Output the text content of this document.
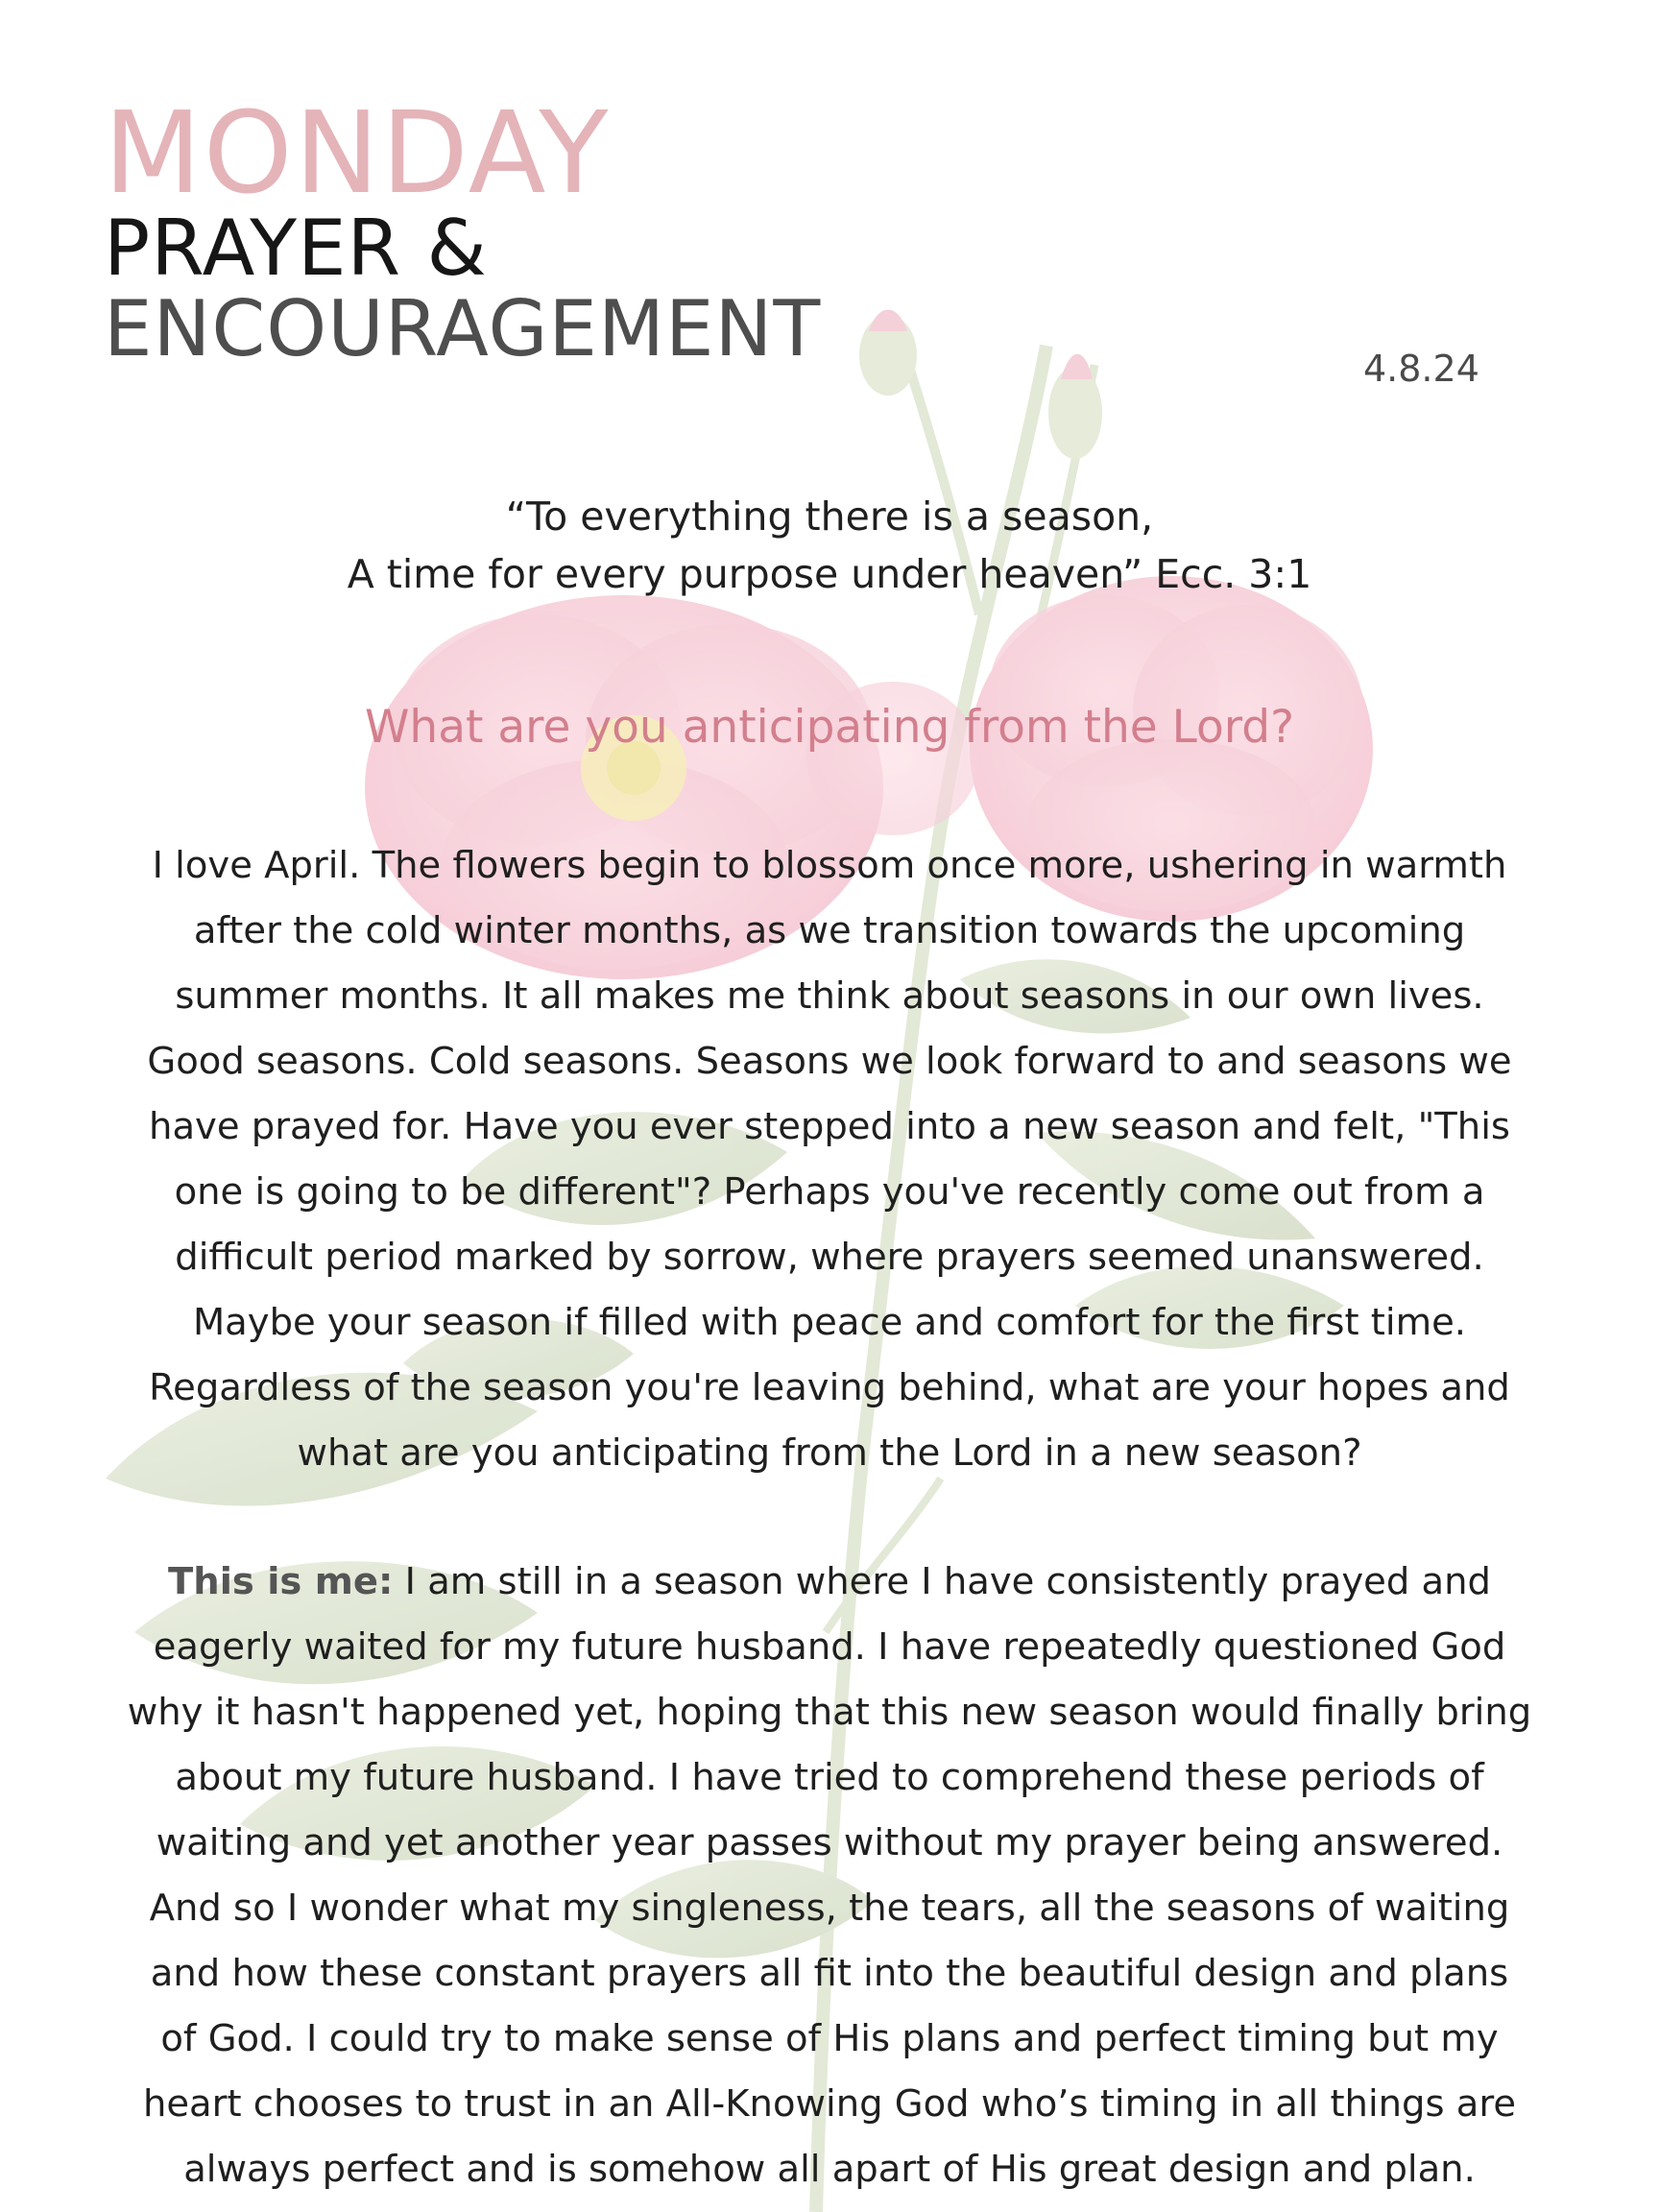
MONDAY
PRAYER &
ENCOURAGEMENT	4.8.24
“To everything there is a season,
A time for every purpose under heaven” Ecc. 3:1
What are you anticipating from the Lord?
I love April. The flowers begin to blossom once more, ushering in warmth
after the cold winter months, as we transition towards the upcoming
summer months. It all makes me think about seasons in our own lives.
Good seasons. Cold seasons. Seasons we look forward to and seasons we
have prayed for. Have you ever stepped into a new season and felt, "This
one is going to be different"? Perhaps you've recently come out from a
difficult period marked by sorrow, where prayers seemed unanswered.
Maybe your season if filled with peace and comfort for the first time.
Regardless of the season you're leaving behind, what are your hopes and
what are you anticipating from the Lord in a new season?
This is me: I am still in a season where I have consistently prayed and
eagerly waited for my future husband. I have repeatedly questioned God
why it hasn't happened yet, hoping that this new season would finally bring
about my future husband. I have tried to comprehend these periods of
waiting and yet another year passes without my prayer being answered.
And so I wonder what my singleness, the tears, all the seasons of waiting
and how these constant prayers all fit into the beautiful design and plans
of God. I could try to make sense of His plans and perfect timing but my
heart chooses to trust in an All-Knowing God who’s timing in all things are
always perfect and is somehow all apart of His great design and plan.
